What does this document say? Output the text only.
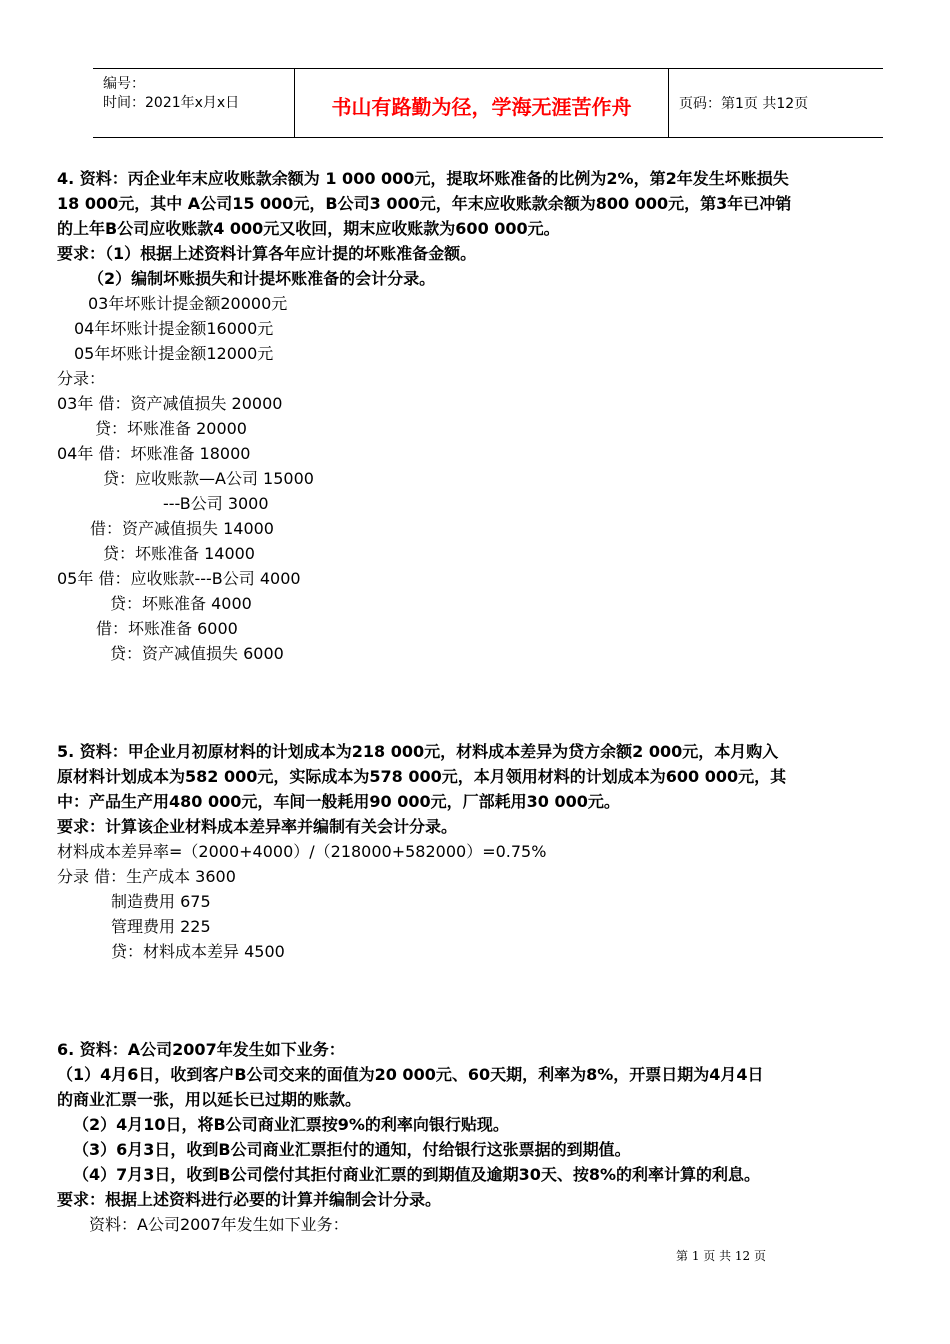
编号：
时间：2021年x月x日	书山有路勤为径，学海无涯苦作舟	页码：第1页 共12页
4. 资料：丙企业年末应收账款余额为 1 000 000元，提取坏账准备的比例为2%，第2年发生坏账损失
18 000元，其中 A公司15 000元，B公司3 000元，年末应收账款余额为800 000元，第3年已冲销
的上年B公司应收账款4 000元又收回，期末应收账款为600 000元。
要求：（1）根据上述资料计算各年应计提的坏账准备金额。
（2）编制坏账损失和计提坏账准备的会计分录。
03年坏账计提金额20000元
04年坏账计提金额16000元
05年坏账计提金额12000元
分录：
03年 借：资产减值损失 20000
贷：坏账准备 20000
04年 借：坏账准备 18000
贷：应收账款—A公司 15000
---B公司 3000
借：资产减值损失 14000
贷：坏账准备 14000
05年 借：应收账款---B公司 4000
贷：坏账准备 4000
借：坏账准备 6000
贷：资产减值损失 6000
5. 资料：甲企业月初原材料的计划成本为218 000元，材料成本差异为贷方余额2 000元，本月购入
原材料计划成本为582 000元，实际成本为578 000元，本月领用材料的计划成本为600 000元，其
中：产品生产用480 000元，车间一般耗用90 000元，厂部耗用30 000元。
要求：计算该企业材料成本差异率并编制有关会计分录。
材料成本差异率=（2000+4000）/（218000+582000）=0.75%
分录 借：生产成本 3600
制造费用 675
管理费用 225
贷：材料成本差异 4500
6. 资料：A公司2007年发生如下业务：
（1）4月6日，收到客户B公司交来的面值为20 000元、60天期，利率为8%，开票日期为4月4日
的商业汇票一张，用以延长已过期的账款。
（2）4月10日，将B公司商业汇票按9%的利率向银行贴现。
（3）6月3日，收到B公司商业汇票拒付的通知，付给银行这张票据的到期值。
（4）7月3日，收到B公司偿付其拒付商业汇票的到期值及逾期30天、按8%的利率计算的利息。
要求：根据上述资料进行必要的计算并编制会计分录。
资料：A公司2007年发生如下业务：
第 1 页 共 12 页
